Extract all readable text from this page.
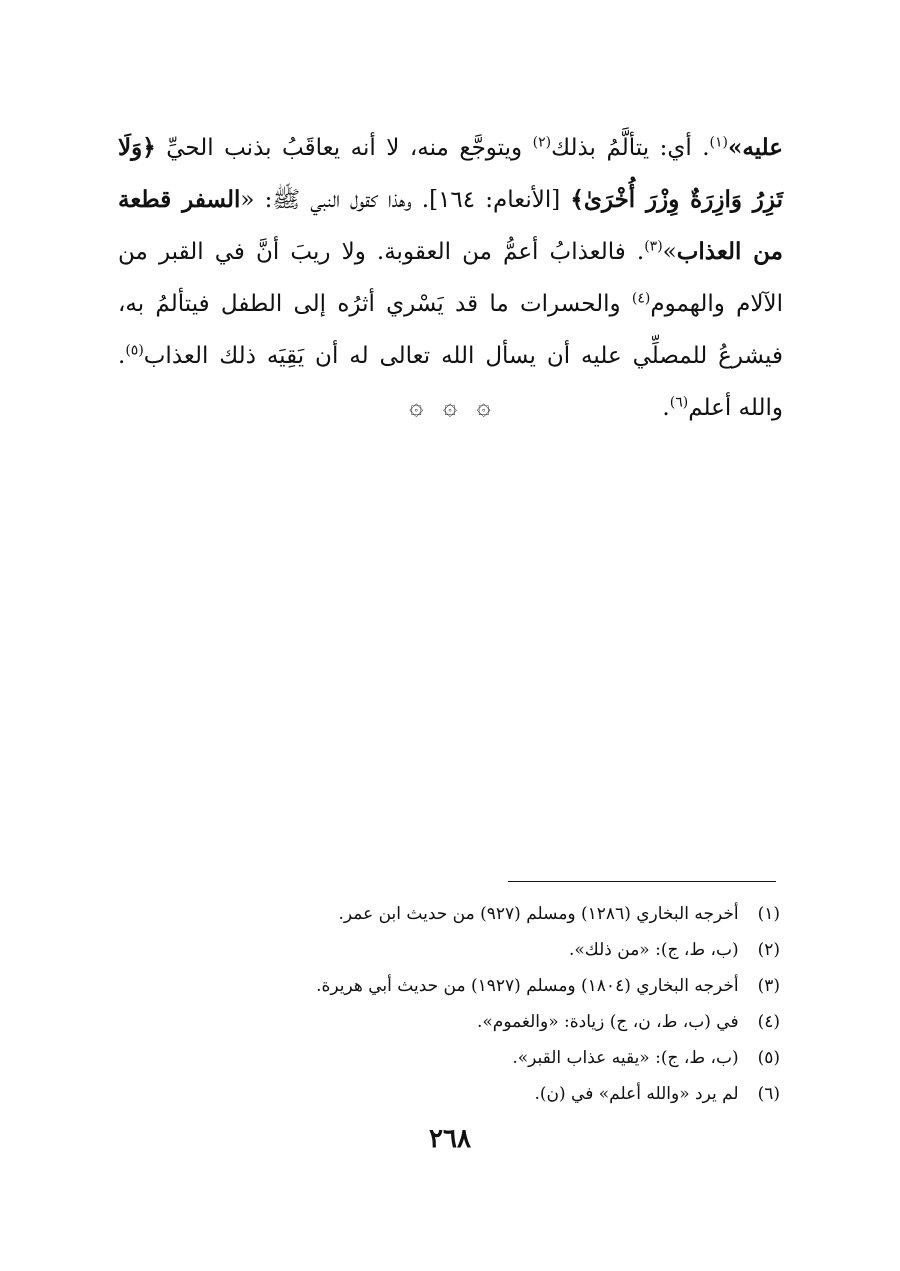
عليه»$^{(١)}$. أي: يتألَّمُ بذلك$^{(٢)}$ ويتوجَّع منه، لا أنه يعاقَبُ بذنب الحيِّ ﴿وَلَا تَزِرُ وَازِرَةٌ وِزْرَ أُخْرَىٰ﴾ [الأنعام: ١٦٤]. وهذا كقول النبي ﷺ: «السفر قطعة من العذاب»$^{(٣)}$. فالعذابُ أعمُّ من العقوبة. ولا ريبَ أنَّ في القبر من الآلام والهموم$^{(٤)}$ والحسرات ما قد يَسْري أثرُه إلى الطفل فيتألمُ به، فيشرعُ للمصلِّي عليه أن يسأل الله تعالى له أن يَقِيَه ذلك العذاب$^{(٥)}$. والله أعلم$^{(٦)}$.

۞ ۞ ۞
(١) أخرجه البخاري (١٢٨٦) ومسلم (٩٢٧) من حديث ابن عمر.
(٢) (ب، ط، ج): «من ذلك».
(٣) أخرجه البخاري (١٨٠٤) ومسلم (١٩٢٧) من حديث أبي هريرة.
(٤) في (ب، ط، ن، ج) زيادة: «والغموم».
(٥) (ب، ط، ج): «يقيه عذاب القبر».
(٦) لم يرد «والله أعلم» في (ن).
٢٦٨
